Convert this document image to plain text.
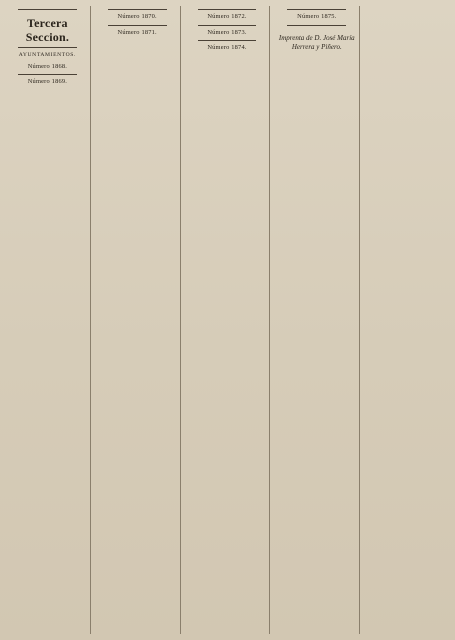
Tercera Seccion.
AYUNTAMIENTOS.
Número 1868.

Número 1869.

Número 1870.

Número 1871.

Número 1872.

Número 1873.

Número 1874.

Número 1875.

Imprenta de D. José María Herrera y Piñero.
